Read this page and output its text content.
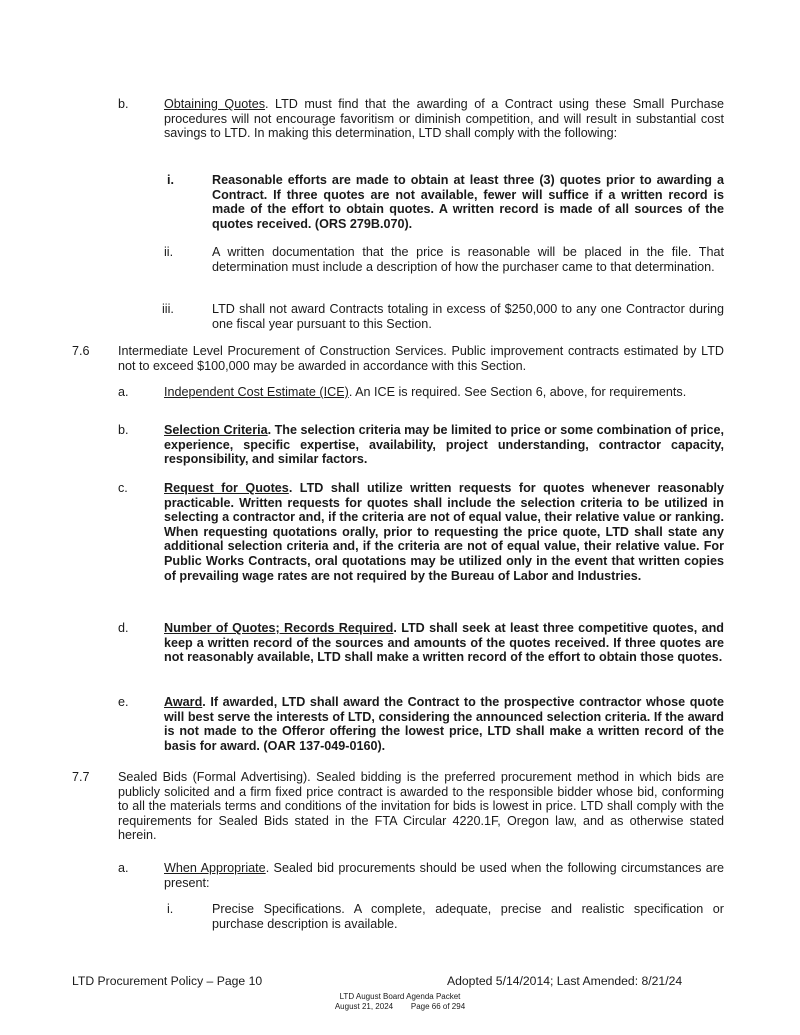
b.	Obtaining Quotes. LTD must find that the awarding of a Contract using these Small Purchase procedures will not encourage favoritism or diminish competition, and will result in substantial cost savings to LTD. In making this determination, LTD shall comply with the following:
i.	Reasonable efforts are made to obtain at least three (3) quotes prior to awarding a Contract. If three quotes are not available, fewer will suffice if a written record is made of the effort to obtain quotes. A written record is made of all sources of the quotes received. (ORS 279B.070).
ii.	A written documentation that the price is reasonable will be placed in the file. That determination must include a description of how the purchaser came to that determination.
iii.	LTD shall not award Contracts totaling in excess of $250,000 to any one Contractor during one fiscal year pursuant to this Section.
7.6 Intermediate Level Procurement of Construction Services. Public improvement contracts estimated by LTD not to exceed $100,000 may be awarded in accordance with this Section.
a.	Independent Cost Estimate (ICE). An ICE is required. See Section 6, above, for requirements.
b.	Selection Criteria. The selection criteria may be limited to price or some combination of price, experience, specific expertise, availability, project understanding, contractor capacity, responsibility, and similar factors.
c.	Request for Quotes. LTD shall utilize written requests for quotes whenever reasonably practicable. Written requests for quotes shall include the selection criteria to be utilized in selecting a contractor and, if the criteria are not of equal value, their relative value or ranking. When requesting quotations orally, prior to requesting the price quote, LTD shall state any additional selection criteria and, if the criteria are not of equal value, their relative value. For Public Works Contracts, oral quotations may be utilized only in the event that written copies of prevailing wage rates are not required by the Bureau of Labor and Industries.
d.	Number of Quotes; Records Required. LTD shall seek at least three competitive quotes, and keep a written record of the sources and amounts of the quotes received. If three quotes are not reasonably available, LTD shall make a written record of the effort to obtain those quotes.
e.	Award. If awarded, LTD shall award the Contract to the prospective contractor whose quote will best serve the interests of LTD, considering the announced selection criteria. If the award is not made to the Offeror offering the lowest price, LTD shall make a written record of the basis for award. (OAR 137-049-0160).
7.7 Sealed Bids (Formal Advertising). Sealed bidding is the preferred procurement method in which bids are publicly solicited and a firm fixed price contract is awarded to the responsible bidder whose bid, conforming to all the materials terms and conditions of the invitation for bids is lowest in price. LTD shall comply with the requirements for Sealed Bids stated in the FTA Circular 4220.1F, Oregon law, and as otherwise stated herein.
a.	When Appropriate. Sealed bid procurements should be used when the following circumstances are present:
i.	Precise Specifications. A complete, adequate, precise and realistic specification or purchase description is available.
LTD Procurement Policy – Page 10	Adopted 5/14/2014; Last Amended: 8/21/24
LTD August Board Agenda Packet
August 21, 2024        Page 66 of 294
